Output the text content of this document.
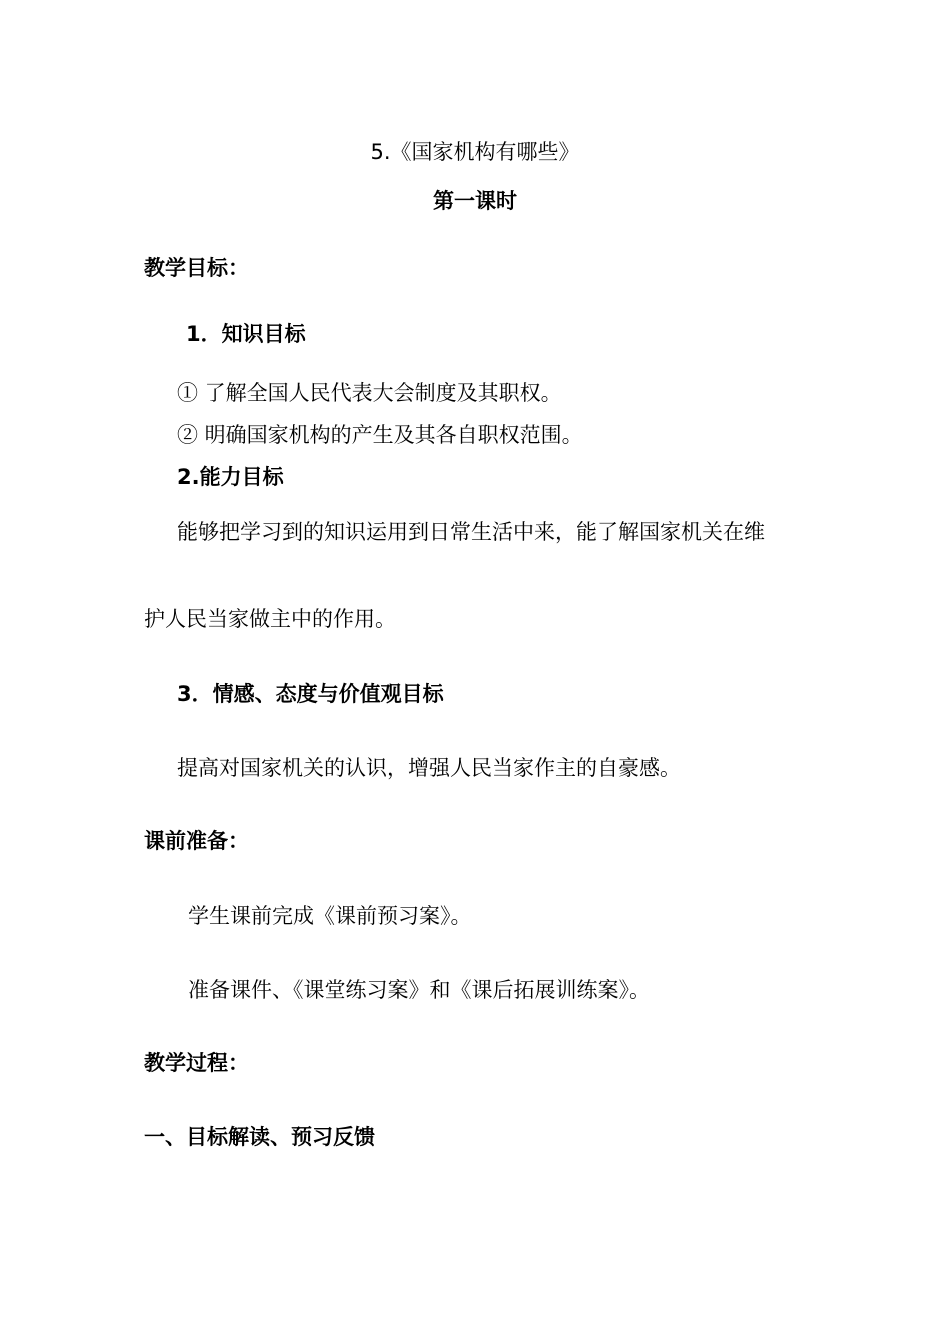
5.《国家机构有哪些》
第一课时
教学目标：
1．知识目标
① 了解全国人民代表大会制度及其职权。
② 明确国家机构的产生及其各自职权范围。
2.能力目标
能够把学习到的知识运用到日常生活中来，能了解国家机关在维
护人民当家做主中的作用。
3．情感、态度与价值观目标
提高对国家机关的认识，增强人民当家作主的自豪感。
课前准备：
学生课前完成《课前预习案》。
准备课件、《课堂练习案》和《课后拓展训练案》。
教学过程：
一、目标解读、预习反馈
